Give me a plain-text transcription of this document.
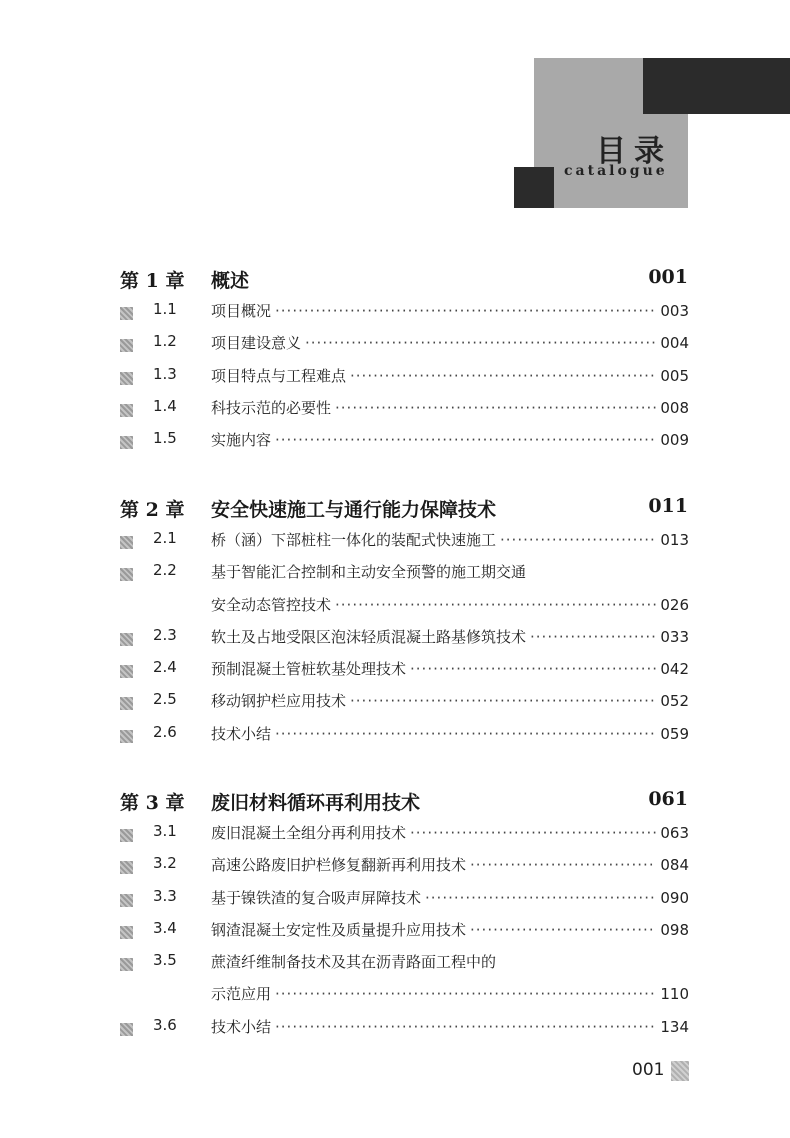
目录
catalogue
第 1 章 概述	001
1.1 项目概况 ·····	003
1.2 项目建设意义 ·····	004
1.3 项目特点与工程难点 ·····	005
1.4 科技示范的必要性 ·····	008
1.5 实施内容 ·····	009
第 2 章 安全快速施工与通行能力保障技术	011
2.1 桥（涵）下部桩柱一体化的装配式快速施工 ·····	013
2.2 基于智能汇合控制和主动安全预警的施工期交通
安全动态管控技术 ·····	026
2.3 软土及占地受限区泡沫轻质混凝土路基修筑技术 ·····	033
2.4 预制混凝土管桩软基处理技术 ·····	042
2.5 移动钢护栏应用技术 ·····	052
2.6 技术小结 ·····	059
第 3 章 废旧材料循环再利用技术	061
3.1 废旧混凝土全组分再利用技术 ·····	063
3.2 高速公路废旧护栏修复翻新再利用技术 ·····	084
3.3 基于镍铁渣的复合吸声屏障技术 ·····	090
3.4 钢渣混凝土安定性及质量提升应用技术 ·····	098
3.5 蔗渣纤维制备技术及其在沥青路面工程中的
示范应用 ·····	110
3.6 技术小结 ·····	134
001
